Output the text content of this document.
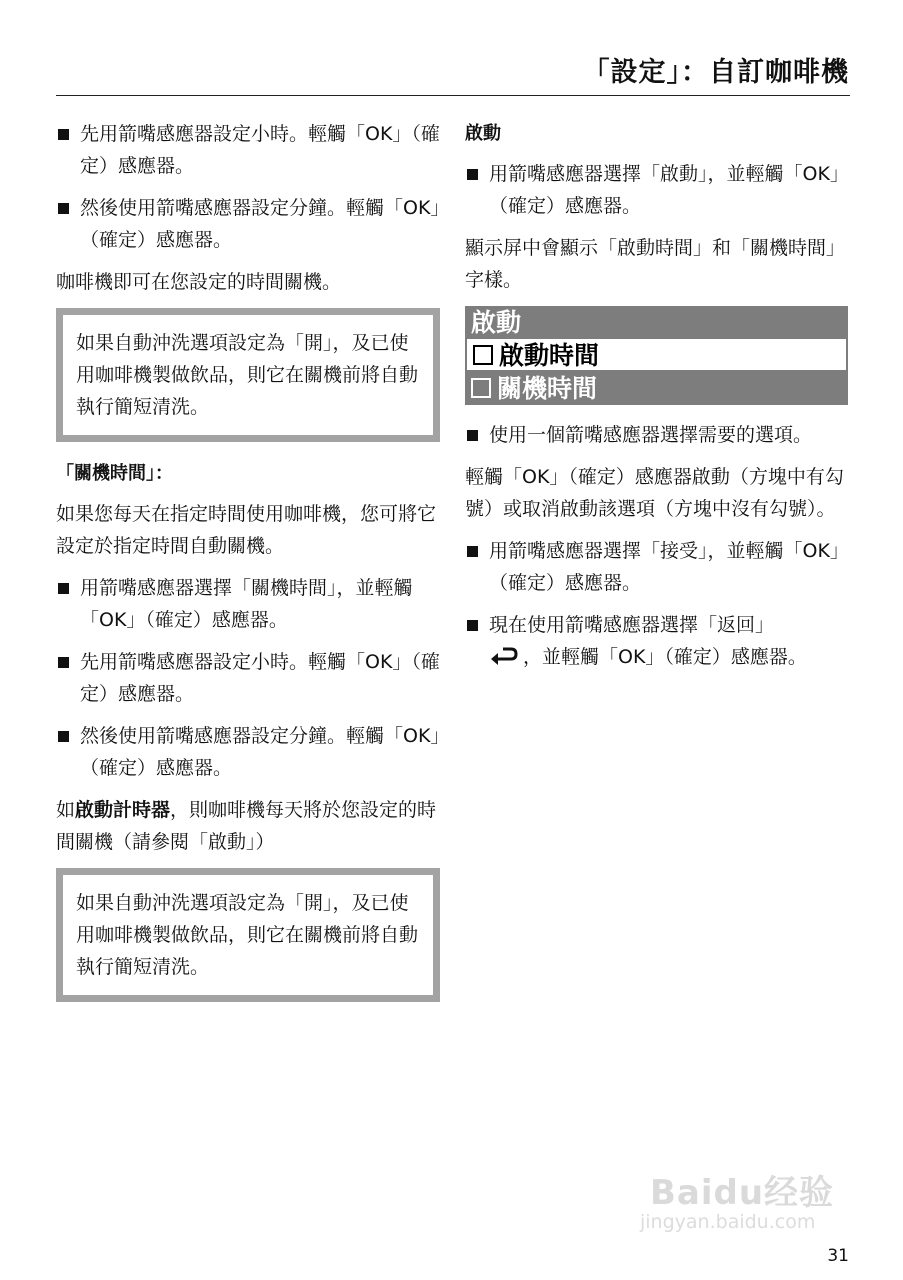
「設定」：自訂咖啡機
先用箭嘴感應器設定小時。輕觸「OK」（確定）感應器。
然後使用箭嘴感應器設定分鐘。輕觸「OK」（確定）感應器。
咖啡機即可在您設定的時間關機。
如果自動沖洗選項設定為「開」，及已使用咖啡機製做飲品，則它在關機前將自動執行簡短清洗。
「關機時間」：
如果您每天在指定時間使用咖啡機，您可將它設定於指定時間自動關機。
用箭嘴感應器選擇「關機時間」，並輕觸「OK」（確定）感應器。
先用箭嘴感應器設定小時。輕觸「OK」（確定）感應器。
然後使用箭嘴感應器設定分鐘。輕觸「OK」（確定）感應器。
如啟動計時器，則咖啡機每天將於您設定的時間關機（請參閱「啟動」）
如果自動沖洗選項設定為「開」，及已使用咖啡機製做飲品，則它在關機前將自動執行簡短清洗。
啟動
用箭嘴感應器選擇「啟動」，並輕觸「OK」（確定）感應器。
顯示屏中會顯示「啟動時間」和「關機時間」字樣。
啟動
啟動時間
關機時間
使用一個箭嘴感應器選擇需要的選項。
輕觸「OK」（確定）感應器啟動（方塊中有勾號）或取消啟動該選項（方塊中沒有勾號）。
用箭嘴感應器選擇「接受」，並輕觸「OK」（確定）感應器。
現在使用箭嘴感應器選擇「返回」
，並輕觸「OK」（確定）感應器。
Baidu经验
jingyan.baidu.com
31
